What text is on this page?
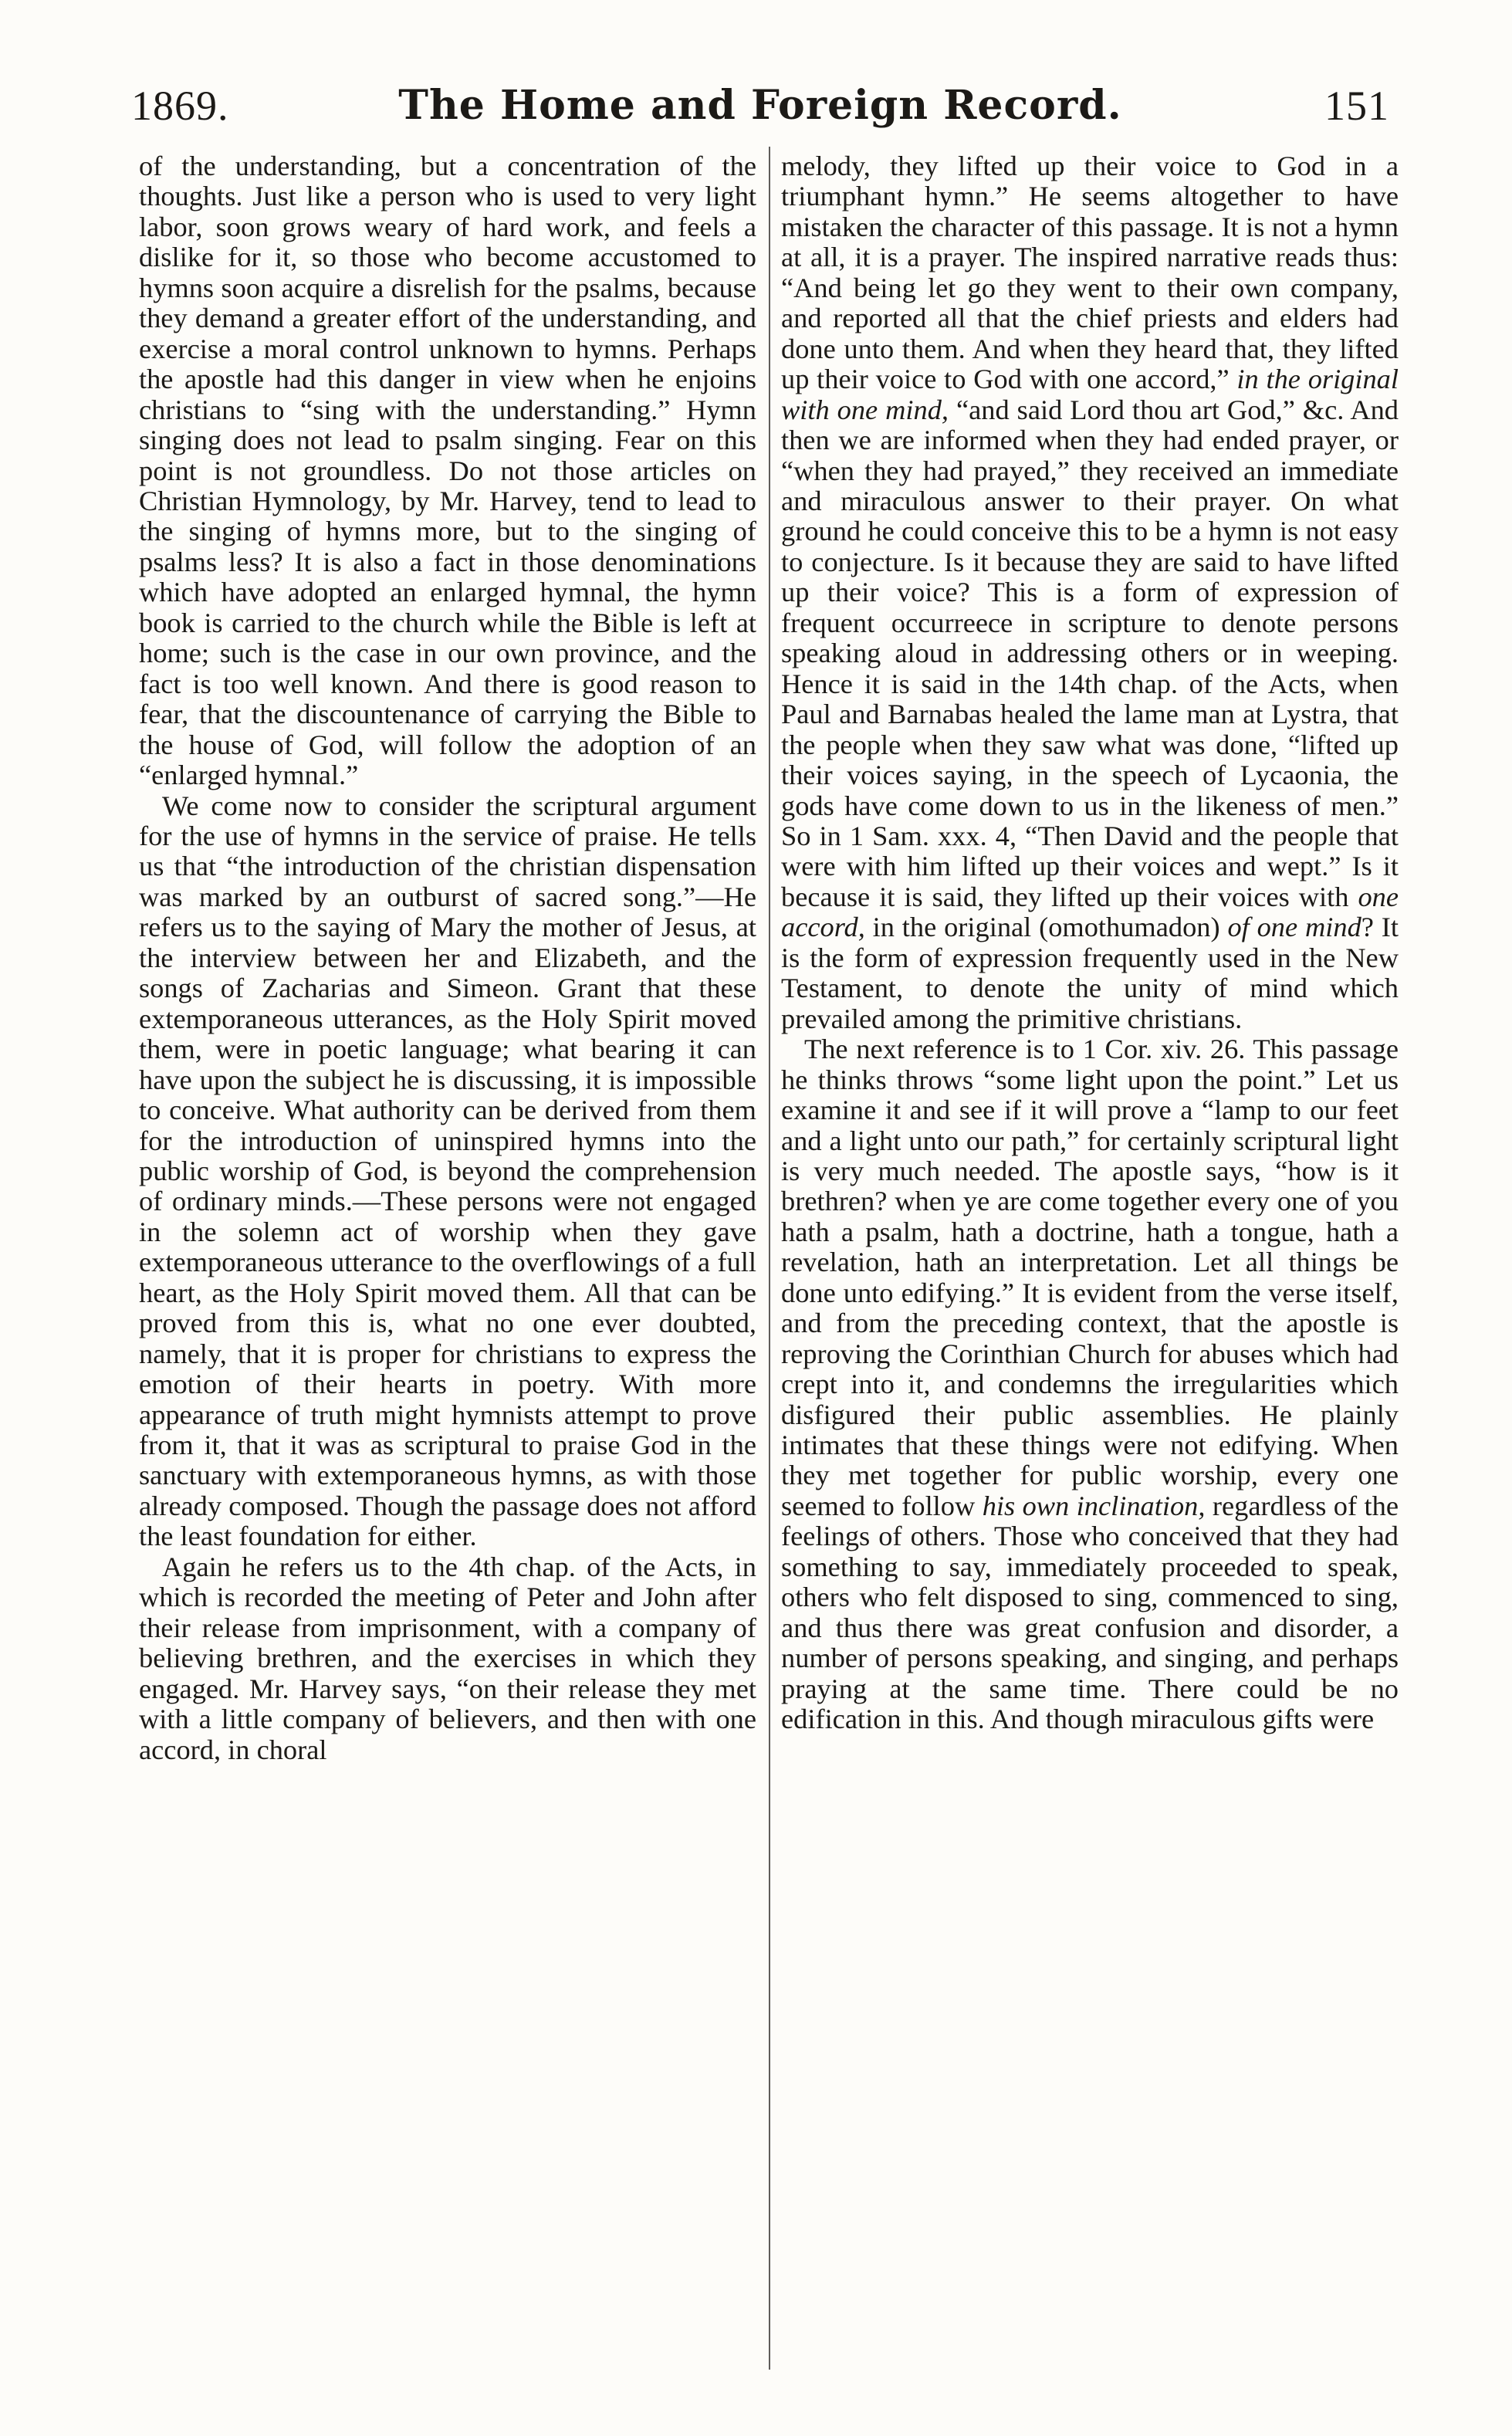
1869.	The Home and Foreign Record.	151

of the understanding, but a concentration of the thoughts. Just like a person who is used to very light labor, soon grows weary of hard work, and feels a dislike for it, so those who become accustomed to hymns soon acquire a disrelish for the psalms, because they demand a greater effort of the understanding, and exercise a moral control unknown to hymns. Perhaps the apostle had this danger in view when he enjoins christians to “sing with the understanding.” Hymn singing does not lead to psalm singing. Fear on this point is not groundless. Do not those articles on Christian Hymnology, by Mr. Harvey, tend to lead to the singing of hymns more, but to the singing of psalms less? It is also a fact in those denominations which have adopted an enlarged hymnal, the hymn book is carried to the church while the Bible is left at home; such is the case in our own province, and the fact is too well known. And there is good reason to fear, that the discountenance of carrying the Bible to the house of God, will follow the adoption of an “enlarged hymnal.”

We come now to consider the scriptural argument for the use of hymns in the service of praise. He tells us that “the introduction of the christian dispensation was marked by an outburst of sacred song.”—He refers us to the saying of Mary the mother of Jesus, at the interview between her and Elizabeth, and the songs of Zacharias and Simeon. Grant that these extemporaneous utterances, as the Holy Spirit moved them, were in poetic language; what bearing it can have upon the subject he is discussing, it is impossible to conceive. What authority can be derived from them for the introduction of uninspired hymns into the public worship of God, is beyond the comprehension of ordinary minds.—These persons were not engaged in the solemn act of worship when they gave extemporaneous utterance to the overflowings of a full heart, as the Holy Spirit moved them. All that can be proved from this is, what no one ever doubted, namely, that it is proper for christians to express the emotion of their hearts in poetry. With more appearance of truth might hymnists attempt to prove from it, that it was as scriptural to praise God in the sanctuary with extemporaneous hymns, as with those already composed. Though the passage does not afford the least foundation for either.

Again he refers us to the 4th chap. of the Acts, in which is recorded the meeting of Peter and John after their release from imprisonment, with a company of believing brethren, and the exercises in which they engaged. Mr. Harvey says, “on their release they met with a little company of believers, and then with one accord, in choral

melody, they lifted up their voice to God in a triumphant hymn.” He seems altogether to have mistaken the character of this passage. It is not a hymn at all, it is a prayer. The inspired narrative reads thus: “And being let go they went to their own company, and reported all that the chief priests and elders had done unto them. And when they heard that, they lifted up their voice to God with one accord,” in the original with one mind, “and said Lord thou art God,” &c. And then we are informed when they had ended prayer, or “when they had prayed,” they received an immediate and miraculous answer to their prayer. On what ground he could conceive this to be a hymn is not easy to conjecture. Is it because they are said to have lifted up their voice? This is a form of expression of frequent occurreece in scripture to denote persons speaking aloud in addressing others or in weeping. Hence it is said in the 14th chap. of the Acts, when Paul and Barnabas healed the lame man at Lystra, that the people when they saw what was done, “lifted up their voices saying, in the speech of Lycaonia, the gods have come down to us in the likeness of men.” So in 1 Sam. xxx. 4, “Then David and the people that were with him lifted up their voices and wept.” Is it because it is said, they lifted up their voices with one accord, in the original (omothumadon) of one mind? It is the form of expression frequently used in the New Testament, to denote the unity of mind which prevailed among the primitive christians.

The next reference is to 1 Cor. xiv. 26. This passage he thinks throws “some light upon the point.” Let us examine it and see if it will prove a “lamp to our feet and a light unto our path,” for certainly scriptural light is very much needed. The apostle says, “how is it brethren? when ye are come together every one of you hath a psalm, hath a doctrine, hath a tongue, hath a revelation, hath an interpretation. Let all things be done unto edifying.” It is evident from the verse itself, and from the preceding context, that the apostle is reproving the Corinthian Church for abuses which had crept into it, and condemns the irregularities which disfigured their public assemblies. He plainly intimates that these things were not edifying. When they met together for public worship, every one seemed to follow his own inclination, regardless of the feelings of others. Those who conceived that they had something to say, immediately proceeded to speak, others who felt disposed to sing, commenced to sing, and thus there was great confusion and disorder, a number of persons speaking, and singing, and perhaps praying at the same time. There could be no edification in this. And though miraculous gifts were
